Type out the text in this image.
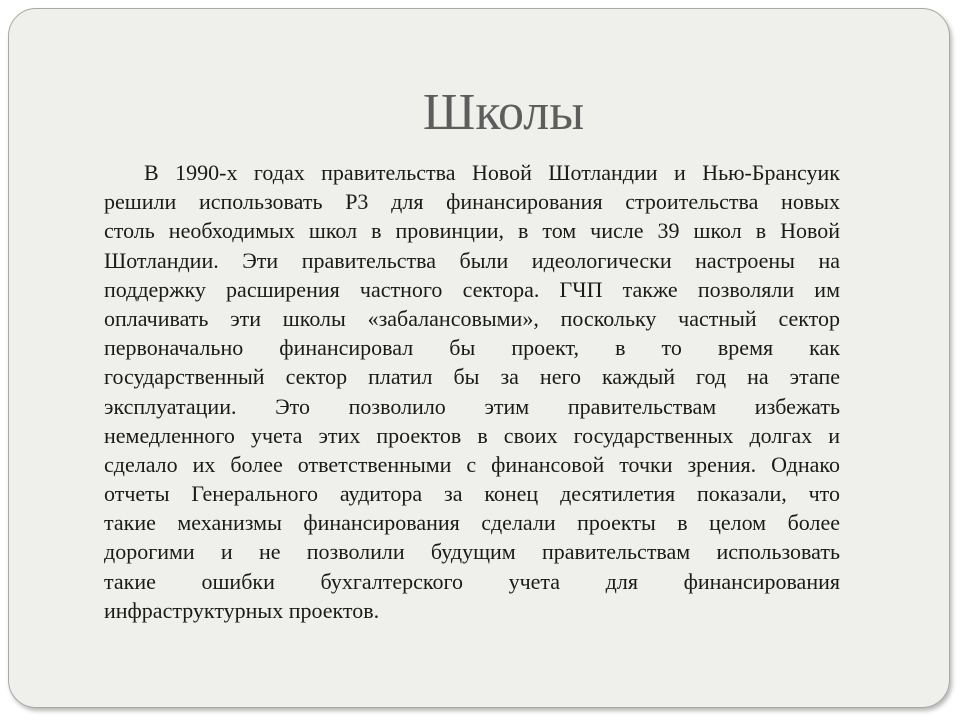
Школы
В 1990-х годах правительства Новой Шотландии и Нью-Брансуик
решили использовать Р3 для финансирования строительства новых
столь необходимых школ в провинции, в том числе 39 школ в Новой
Шотландии. Эти правительства были идеологически настроены на
поддержку расширения частного сектора. ГЧП также позволяли им
оплачивать эти школы «забалансовыми», поскольку частный сектор
первоначально финансировал бы проект, в то время как
государственный сектор платил бы за него каждый год на этапе
эксплуатации. Это позволило этим правительствам избежать
немедленного учета этих проектов в своих государственных долгах и
сделало их более ответственными с финансовой точки зрения. Однако
отчеты Генерального аудитора за конец десятилетия показали, что
такие механизмы финансирования сделали проекты в целом более
дорогими и не позволили будущим правительствам использовать
такие ошибки бухгалтерского учета для финансирования
инфраструктурных проектов.
